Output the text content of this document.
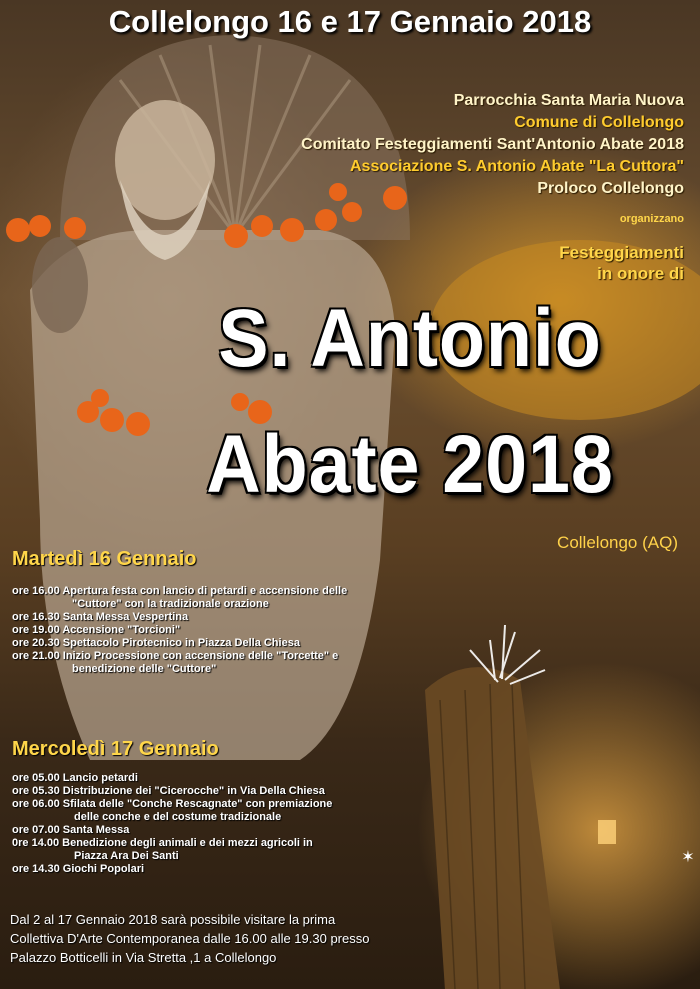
✶
Collelongo 16 e 17 Gennaio 2018
Parrocchia Santa Maria Nuova
Comune di Collelongo
Comitato Festeggiamenti Sant'Antonio Abate 2018
Associazione S. Antonio Abate "La Cuttora"
Proloco Collelongo
organizzano
Festeggiamenti
in onore di
S. Antonio
Abate 2018
Collelongo (AQ)
Martedì 16 Gennaio
ore 16.00 Apertura festa con lancio di petardi e accensione delle
"Cuttore" con la tradizionale orazione
ore 16.30 Santa Messa Vespertina
ore 19.00 Accensione "Torcioni"
ore 20.30 Spettacolo Pirotecnico in Piazza Della Chiesa
ore 21.00 Inizio Processione con accensione delle "Torcette" e
benedizione delle "Cuttore"
Mercoledì 17 Gennaio
ore 05.00 Lancio petardi
ore 05.30 Distribuzione dei "Cicerocche" in Via Della Chiesa
ore 06.00 Sfilata delle "Conche Rescagnate" con premiazione
delle conche e del costume tradizionale
ore 07.00 Santa Messa
0re 14.00 Benedizione degli animali e dei mezzi agricoli in
Piazza Ara Dei Santi
ore 14.30 Giochi Popolari
Dal 2 al 17 Gennaio 2018 sarà possibile visitare la prima
Collettiva D'Arte Contemporanea dalle 16.00 alle 19.30 presso
Palazzo Botticelli in Via Stretta ,1 a Collelongo
